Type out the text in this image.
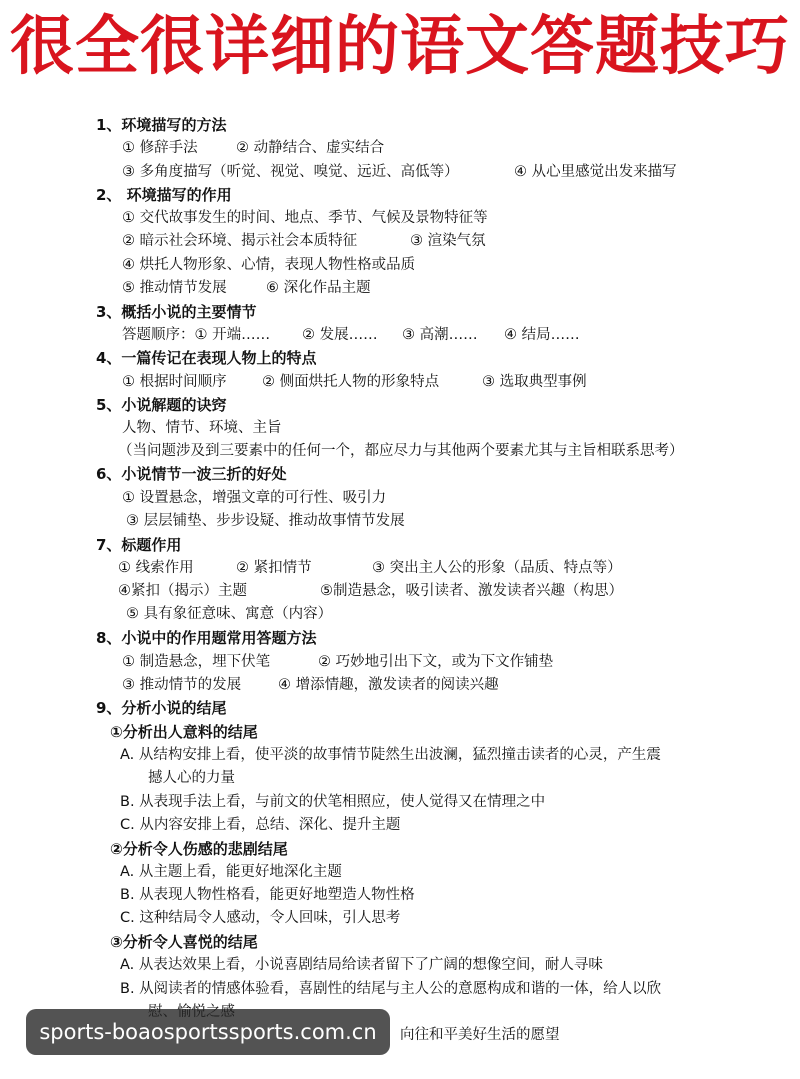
很全很详细的语文答题技巧
1、环境描写的方法
② 动静结合、虚实结合
① 修辞手法
③ 多角度描写（听觉、视觉、嗅觉、远近、高低等）	④ 从心里感觉出发来描写
2、 环境描写的作用
① 交代故事发生的时间、地点、季节、气候及景物特征等
② 暗示社会环境、揭示社会本质特征	③ 渲染气氛
④ 烘托人物形象、心情，表现人物性格或品质
⑤ 推动情节发展	⑥ 深化作品主题
3、概括小说的主要情节
答题顺序：① 开端…… ② 发展…… ③ 高潮…… ④ 结局……
4、一篇传记在表现人物上的特点
① 根据时间顺序 ② 侧面烘托人物的形象特点	③ 选取典型事例
5、小说解题的诀窍
人物、情节、环境、主旨
（当问题涉及到三要素中的任何一个，都应尽力与其他两个要素尤其与主旨相联系思考）
6、小说情节一波三折的好处
① 设置悬念，增强文章的可行性、吸引力
③ 层层铺垫、步步设疑、推动故事情节发展
7、标题作用
① 线索作用	② 紧扣情节	③ 突出主人公的形象（品质、特点等）
④紧扣（揭示）主题	⑤制造悬念，吸引读者、激发读者兴趣（构思）
⑤ 具有象征意味、寓意（内容）
8、小说中的作用题常用答题方法
① 制造悬念，埋下伏笔	② 巧妙地引出下文，或为下文作铺垫
③ 推动情节的发展	④ 增添情趣，激发读者的阅读兴趣
9、分析小说的结尾
①分析出人意料的结尾
A. 从结构安排上看，使平淡的故事情节陡然生出波澜，猛烈撞击读者的心灵，产生震
撼人心的力量
B. 从表现手法上看，与前文的伏笔相照应，使人觉得又在情理之中
C. 从内容安排上看，总结、深化、提升主题
②分析令人伤感的悲剧结尾
A. 从主题上看，能更好地深化主题
B. 从表现人物性格看，能更好地塑造人物性格
C. 这种结局令人感动，令人回味，引人思考
③分析令人喜悦的结尾
A. 从表达效果上看，小说喜剧结局给读者留下了广阔的想像空间，耐人寻味
B. 从阅读者的情感体验看，喜剧性的结尾与主人公的意愿构成和谐的一体，给人以欣
向往和平美好生活的愿望
sports-boaosportssports.com.cn
